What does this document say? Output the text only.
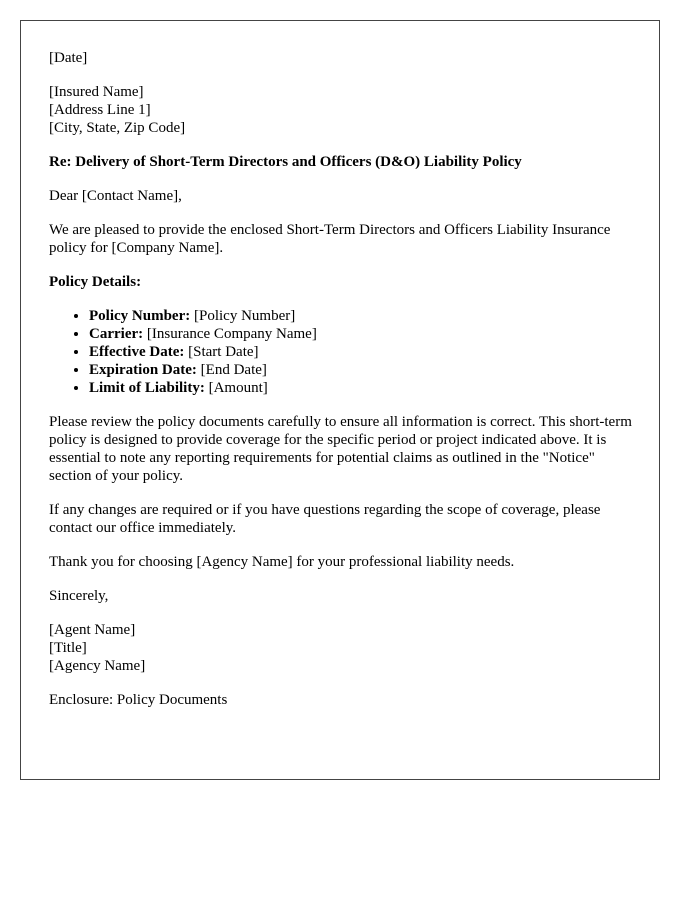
[Date]

[Insured Name]
[Address Line 1]
[City, State, Zip Code]

Re: Delivery of Short-Term Directors and Officers (D&O) Liability Policy

Dear [Contact Name],

We are pleased to provide the enclosed Short-Term Directors and Officers Liability Insurance policy for [Company Name].

Policy Details:

• Policy Number: [Policy Number]
• Carrier: [Insurance Company Name]
• Effective Date: [Start Date]
• Expiration Date: [End Date]
• Limit of Liability: [Amount]

Please review the policy documents carefully to ensure all information is correct. This short-term policy is designed to provide coverage for the specific period or project indicated above. It is essential to note any reporting requirements for potential claims as outlined in the "Notice" section of your policy.

If any changes are required or if you have questions regarding the scope of coverage, please contact our office immediately.

Thank you for choosing [Agency Name] for your professional liability needs.

Sincerely,

[Agent Name]
[Title]
[Agency Name]

Enclosure: Policy Documents
